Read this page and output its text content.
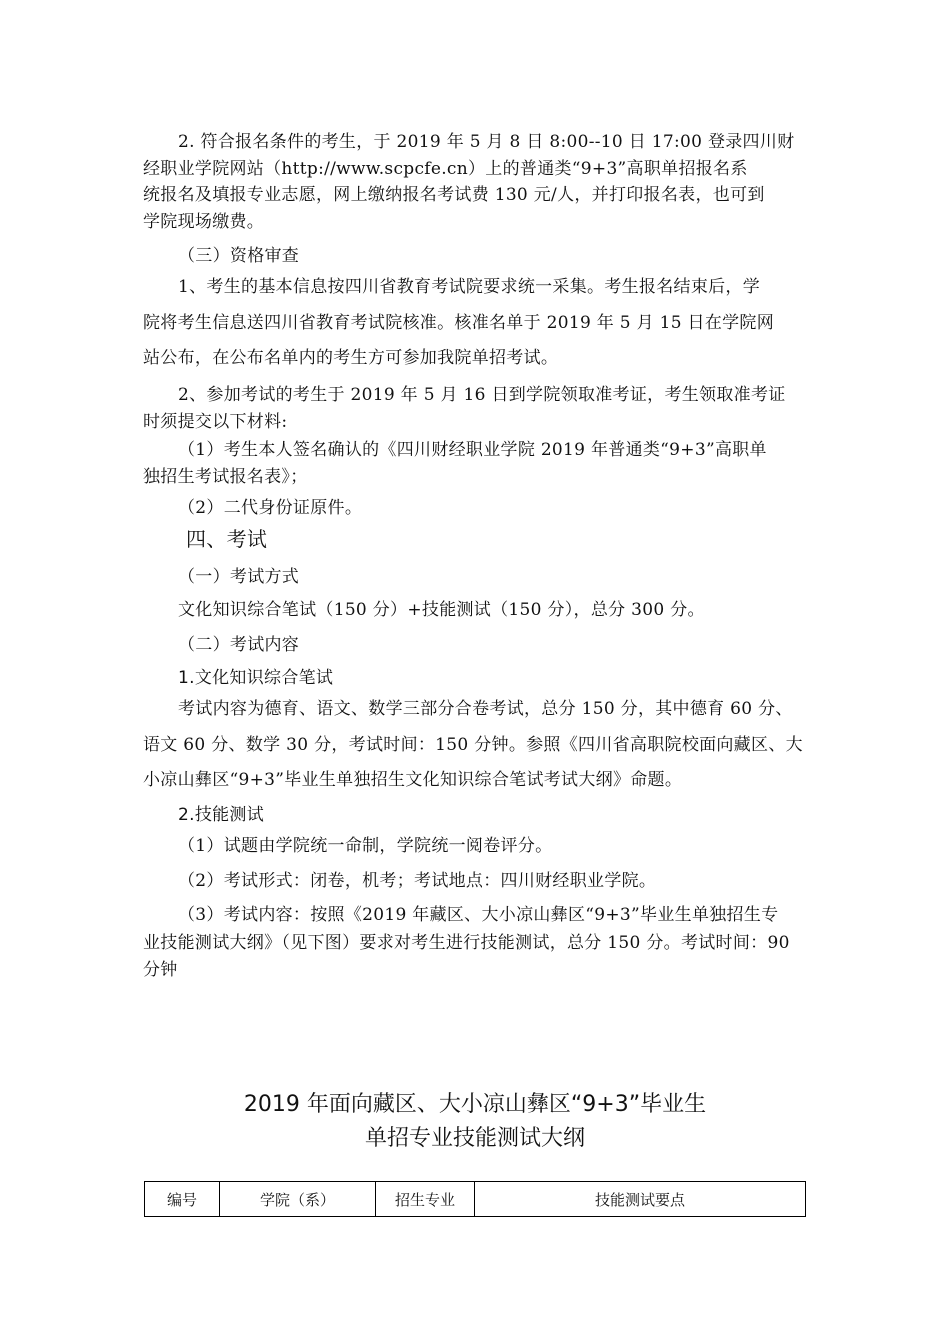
2. 符合报名条件的考生，于 2019 年 5 月 8 日 8:00--10 日 17:00 登录四川财
经职业学院网站（http://www.scpcfe.cn）上的普通类“9+3”高职单招报名系
统报名及填报专业志愿，网上缴纳报名考试费 130 元/人，并打印报名表，也可到
学院现场缴费。
（三）资格审查
1、考生的基本信息按四川省教育考试院要求统一采集。考生报名结束后，学
院将考生信息送四川省教育考试院核准。核准名单于 2019 年 5 月 15 日在学院网
站公布，在公布名单内的考生方可参加我院单招考试。
2、参加考试的考生于 2019 年 5 月 16 日到学院领取准考证，考生领取准考证
时须提交以下材料:
（1）考生本人签名确认的《四川财经职业学院 2019 年普通类“9+3”高职单
独招生考试报名表》；
（2）二代身份证原件。
四、考试
（一）考试方式
文化知识综合笔试（150 分）+技能测试（150 分），总分 300 分。
（二）考试内容
1.文化知识综合笔试
考试内容为德育、语文、数学三部分合卷考试，总分 150 分，其中德育 60 分、
语文 60 分、数学 30 分，考试时间：150 分钟。参照《四川省高职院校面向藏区、大
小凉山彝区“9+3”毕业生单独招生文化知识综合笔试考试大纲》命题。
2.技能测试
（1）试题由学院统一命制，学院统一阅卷评分。
（2）考试形式：闭卷，机考；考试地点：四川财经职业学院。
（3）考试内容：按照《2019 年藏区、大小凉山彝区“9+3”毕业生单独招生专
业技能测试大纲》（见下图）要求对考生进行技能测试，总分 150 分。考试时间：90
分钟
2019 年面向藏区、大小凉山彝区“9+3”毕业生
单招专业技能测试大纲
编号	学院（系）	招生专业	技能测试要点
